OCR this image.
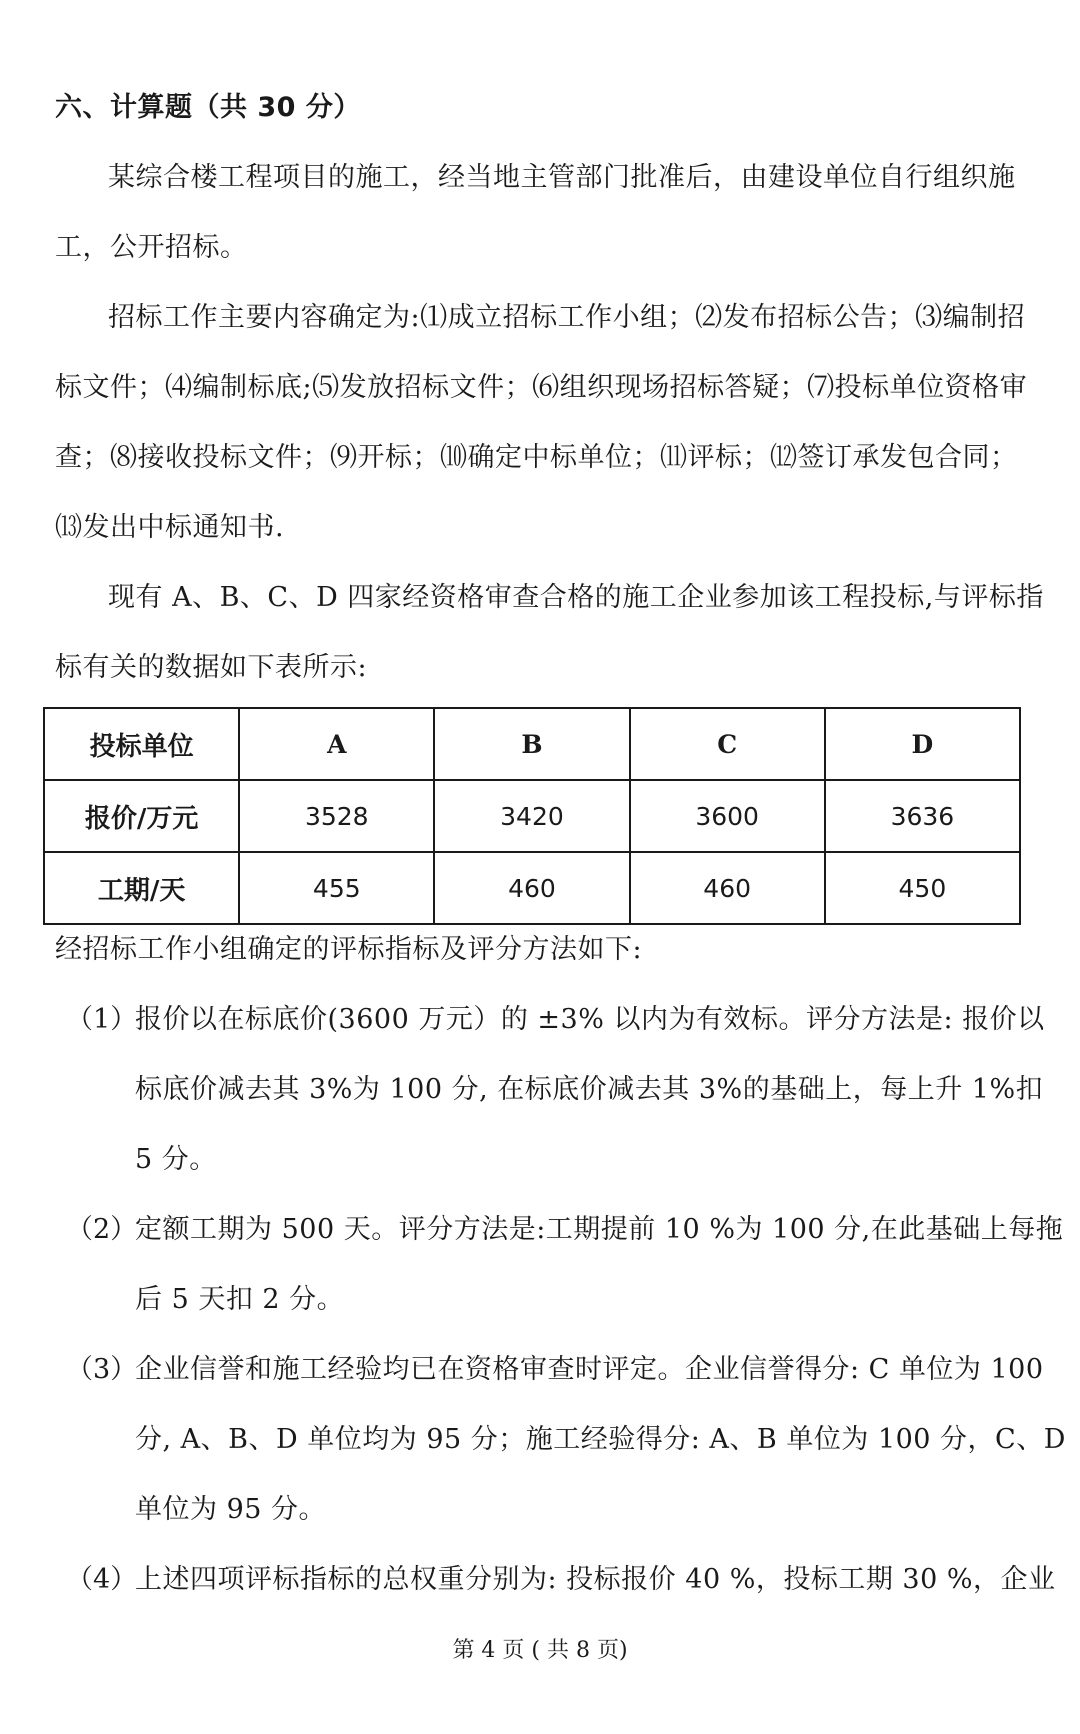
六、计算题（共 30 分）
某综合楼工程项目的施工，经当地主管部门批准后，由建设单位自行组织施
工，公开招标。
招标工作主要内容确定为:⑴成立招标工作小组；⑵发布招标公告；⑶编制招
标文件；⑷编制标底;⑸发放招标文件；⑹组织现场招标答疑；⑺投标单位资格审
查；⑻接收投标文件；⑼开标；⑽确定中标单位；⑾评标；⑿签订承发包合同；
⒀发出中标通知书.
现有 A、B、C、D 四家经资格审查合格的施工企业参加该工程投标,与评标指
标有关的数据如下表所示:
投标单位	A	B	C	D
报价/万元	3528	3420	3600	3636
工期/天	455	460	460	450
经招标工作小组确定的评标指标及评分方法如下:
（1）
报价以在标底价(3600 万元）的 ±3% 以内为有效标。评分方法是: 报价以
标底价减去其 3%为 100 分, 在标底价减去其 3%的基础上，每上升 1%扣
5 分。
（2）
定额工期为 500 天。评分方法是:工期提前 10 %为 100 分,在此基础上每拖
后 5 天扣 2 分。
（3）
企业信誉和施工经验均已在资格审查时评定。企业信誉得分: C 单位为 100
分, A、B、D 单位均为 95 分；施工经验得分: A、B 单位为 100 分，C、D
单位为 95 分。
（4）
上述四项评标指标的总权重分别为: 投标报价 40 %，投标工期 30 %，企业
第 4 页 ( 共 8 页)
